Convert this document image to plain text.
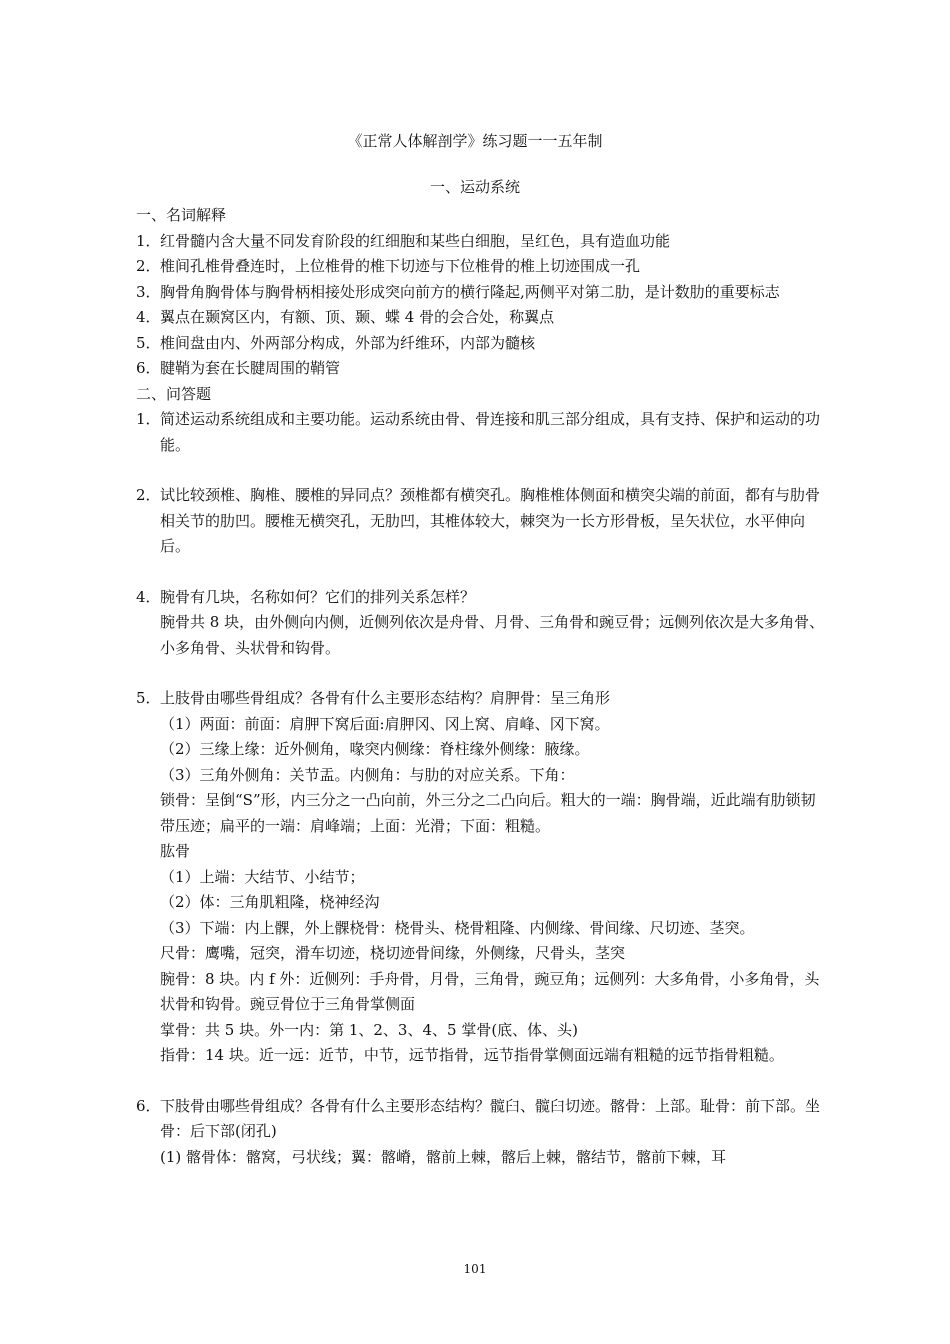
《正常人体解剖学》练习题一一五年制
一、运动系统

一、名词解释

1． 红骨髓内含大量不同发育阶段的红细胞和某些白细胞，呈红色，具有造血功能
2． 椎间孔椎骨叠连时，上位椎骨的椎下切迹与下位椎骨的椎上切迹围成一孔
3． 胸骨角胸骨体与胸骨柄相接处形成突向前方的横行隆起,两侧平对第二肋，是计数肋的重要标志
4． 翼点在颞窝区内，有额、顶、颞、蝶 4 骨的会合处，称翼点
5． 椎间盘由内、外两部分构成，外部为纤维环，内部为髓核
6． 腱鞘为套在长腱周围的鞘管

二、问答题

1． 简述运动系统组成和主要功能。运动系统由骨、骨连接和肌三部分组成，具有支持、保护和运动的功能。
2． 试比较颈椎、胸椎、腰椎的异同点？颈椎都有横突孔。胸椎椎体侧面和横突尖端的前面，都有与肋骨相关节的肋凹。腰椎无横突孔，无肋凹，其椎体较大，棘突为一长方形骨板，呈矢状位，水平伸向后。
4． 腕骨有几块，名称如何？它们的排列关系怎样？
腕骨共 8 块，由外侧向内侧，近侧列依次是舟骨、月骨、三角骨和豌豆骨；远侧列依次是大多角骨、小多角骨、头状骨和钩骨。
5． 上肢骨由哪些骨组成？各骨有什么主要形态结构？肩胛骨：呈三角形
（1）两面：前面：肩胛下窝后面:肩胛冈、冈上窝、肩峰、冈下窝。
（2）三缘上缘：近外侧角，喙突内侧缘：脊柱缘外侧缘：腋缘。
（3）三角外侧角：关节盂。内侧角：与肋的对应关系。下角：
锁骨：呈倒“S”形，内三分之一凸向前，外三分之二凸向后。粗大的一端：胸骨端，近此端有肋锁韧带压迹；扁平的一端：肩峰端；上面：光滑；下面：粗糙。
肱骨
（1）上端：大结节、小结节；
（2）体：三角肌粗隆，桡神经沟
（3）下端：内上髁，外上髁桡骨：桡骨头、桡骨粗隆、内侧缘、骨间缘、尺切迹、茎突。
尺骨：鹰嘴，冠突，滑车切迹，桡切迹骨间缘，外侧缘，尺骨头，茎突
腕骨：8 块。内 f 外：近侧列：手舟骨，月骨，三角骨，豌豆角；远侧列：大多角骨，小多角骨，头状骨和钩骨。豌豆骨位于三角骨掌侧面
掌骨：共 5 块。外一内：第 1、2、3、4、5 掌骨(底、体、头)
指骨：14 块。近一远：近节，中节，远节指骨，远节指骨掌侧面远端有粗糙的远节指骨粗糙。
6． 下肢骨由哪些骨组成？各骨有什么主要形态结构？髋臼、髋臼切迹。髂骨：上部。耻骨：前下部。坐骨：后下部(闭孔)
(1) 髂骨体：髂窝，弓状线；翼：髂嵴，髂前上棘，髂后上棘，髂结节，髂前下棘，耳
101
